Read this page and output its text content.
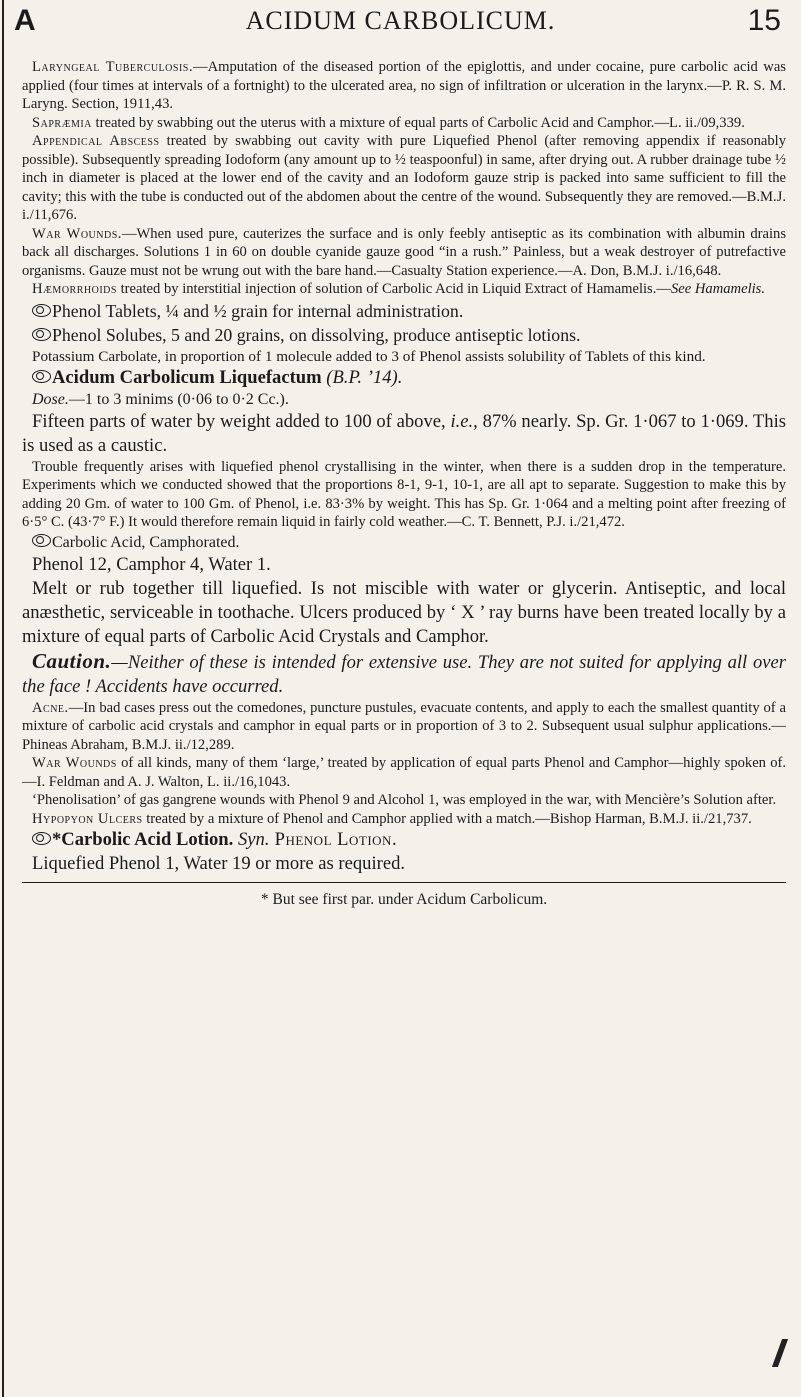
A	ACIDUM CARBOLICUM.	15

Laryngeal Tuberculosis.—Amputation of the diseased portion of the epiglottis, and under cocaine, pure carbolic acid was applied (four times at intervals of a fortnight) to the ulcerated area, no sign of infiltration or ulceration in the larynx.—P. R. S. M. Laryng. Section, 1911,43.

Sapræmia treated by swabbing out the uterus with a mixture of equal parts of Carbolic Acid and Camphor.—L. ii./09,339.

Appendical Abscess treated by swabbing out cavity with pure Liquefied Phenol (after removing appendix if reasonably possible). Subsequently spreading Iodoform (any amount up to ½ teaspoonful) in same, after drying out. A rubber drainage tube ½ inch in diameter is placed at the lower end of the cavity and an Iodoform gauze strip is packed into same sufficient to fill the cavity; this with the tube is conducted out of the abdomen about the centre of the wound. Subsequently they are removed.—B.M.J. i./11,676.

War Wounds.—When used pure, cauterizes the surface and is only feebly antiseptic as its combination with albumin drains back all discharges. Solutions 1 in 60 on double cyanide gauze good “in a rush.” Painless, but a weak destroyer of putrefactive organisms. Gauze must not be wrung out with the bare hand.—Casualty Station experience.—A. Don, B.M.J. i./16,648.

Hæmorrhoids treated by interstitial injection of solution of Carbolic Acid in Liquid Extract of Hamamelis.—See Hamamelis.

Phenol Tablets, ¼ and ½ grain for internal administration.

Phenol Solubes, 5 and 20 grains, on dissolving, produce antiseptic lotions.

Potassium Carbolate, in proportion of 1 molecule added to 3 of Phenol assists solubility of Tablets of this kind.

Acidum Carbolicum Liquefactum (B.P. ’14).

Dose.—1 to 3 minims (0·06 to 0·2 Cc.).

Fifteen parts of water by weight added to 100 of above, i.e., 87% nearly. Sp. Gr. 1·067 to 1·069. This is used as a caustic.

Trouble frequently arises with liquefied phenol crystallising in the winter, when there is a sudden drop in the temperature. Experiments which we conducted showed that the proportions 8-1, 9-1, 10-1, are all apt to separate. Suggestion to make this by adding 20 Gm. of water to 100 Gm. of Phenol, i.e. 83·3% by weight. This has Sp. Gr. 1·064 and a melting point after freezing of 6·5° C. (43·7° F.) It would therefore remain liquid in fairly cold weather.—C. T. Bennett, P.J. i./21,472.

Carbolic Acid, Camphorated.

Phenol 12, Camphor 4, Water 1.

Melt or rub together till liquefied. Is not miscible with water or glycerin. Antiseptic, and local anæsthetic, serviceable in toothache. Ulcers produced by ‘ X ’ ray burns have been treated locally by a mixture of equal parts of Carbolic Acid Crystals and Camphor.

Caution.—Neither of these is intended for extensive use. They are not suited for applying all over the face ! Accidents have occurred.

Acne.—In bad cases press out the comedones, puncture pustules, evacuate contents, and apply to each the smallest quantity of a mixture of carbolic acid crystals and camphor in equal parts or in proportion of 3 to 2. Subsequent usual sulphur applications.—Phineas Abraham, B.M.J. ii./12,289.

War Wounds of all kinds, many of them ‘large,’ treated by application of equal parts Phenol and Camphor—highly spoken of.—I. Feldman and A. J. Walton, L. ii./16,1043.

‘Phenolisation’ of gas gangrene wounds with Phenol 9 and Alcohol 1, was employed in the war, with Mencière’s Solution after.

Hypopyon Ulcers treated by a mixture of Phenol and Camphor applied with a match.—Bishop Harman, B.M.J. ii./21,737.

*Carbolic Acid Lotion. Syn. Phenol Lotion.

Liquefied Phenol 1, Water 19 or more as required.

* But see first par. under Acidum Carbolicum.
